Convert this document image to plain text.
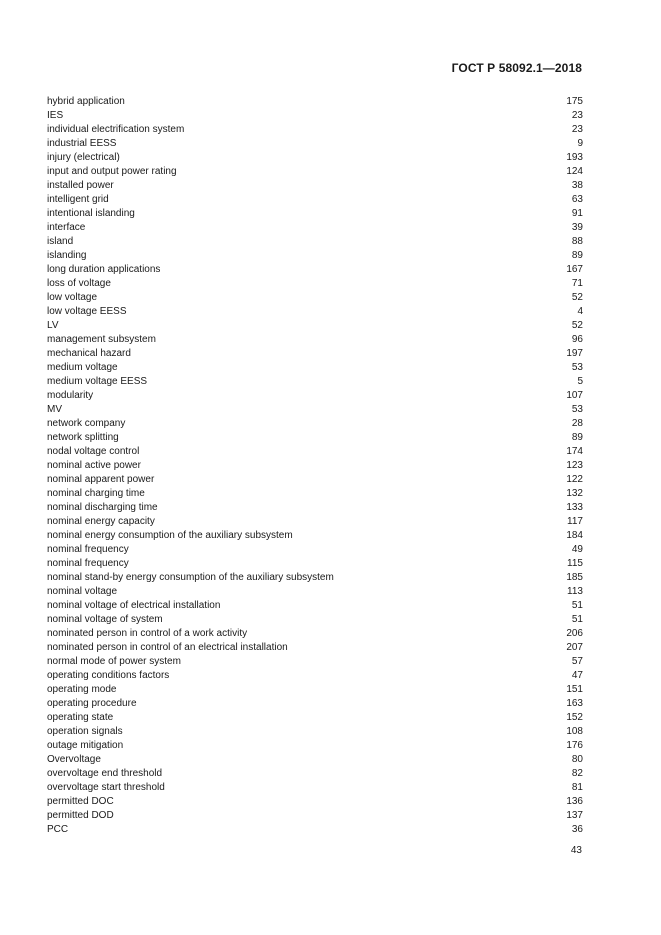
ГОСТ Р 58092.1—2018
hybrid application	175
IES	23
individual electrification system	23
industrial EESS	9
injury (electrical)	193
input and output power rating	124
installed power	38
intelligent grid	63
intentional islanding	91
interface	39
island	88
islanding	89
long duration applications	167
loss of voltage	71
low voltage	52
low voltage EESS	4
LV	52
management subsystem	96
mechanical hazard	197
medium voltage	53
medium voltage EESS	5
modularity	107
MV	53
network company	28
network splitting	89
nodal voltage control	174
nominal active power	123
nominal apparent power	122
nominal charging time	132
nominal discharging time	133
nominal energy capacity	117
nominal energy consumption of the auxiliary subsystem	184
nominal frequency	49
nominal frequency	115
nominal stand-by energy consumption of the auxiliary subsystem	185
nominal voltage	113
nominal voltage of electrical installation	51
nominal voltage of system	51
nominated person in control of a work activity	206
nominated person in control of an electrical installation	207
normal mode of power system	57
operating conditions factors	47
operating mode	151
operating procedure	163
operating state	152
operation signals	108
outage mitigation	176
Overvoltage	80
overvoltage end threshold	82
overvoltage start threshold	81
permitted DOC	136
permitted DOD	137
PCC	36
43
